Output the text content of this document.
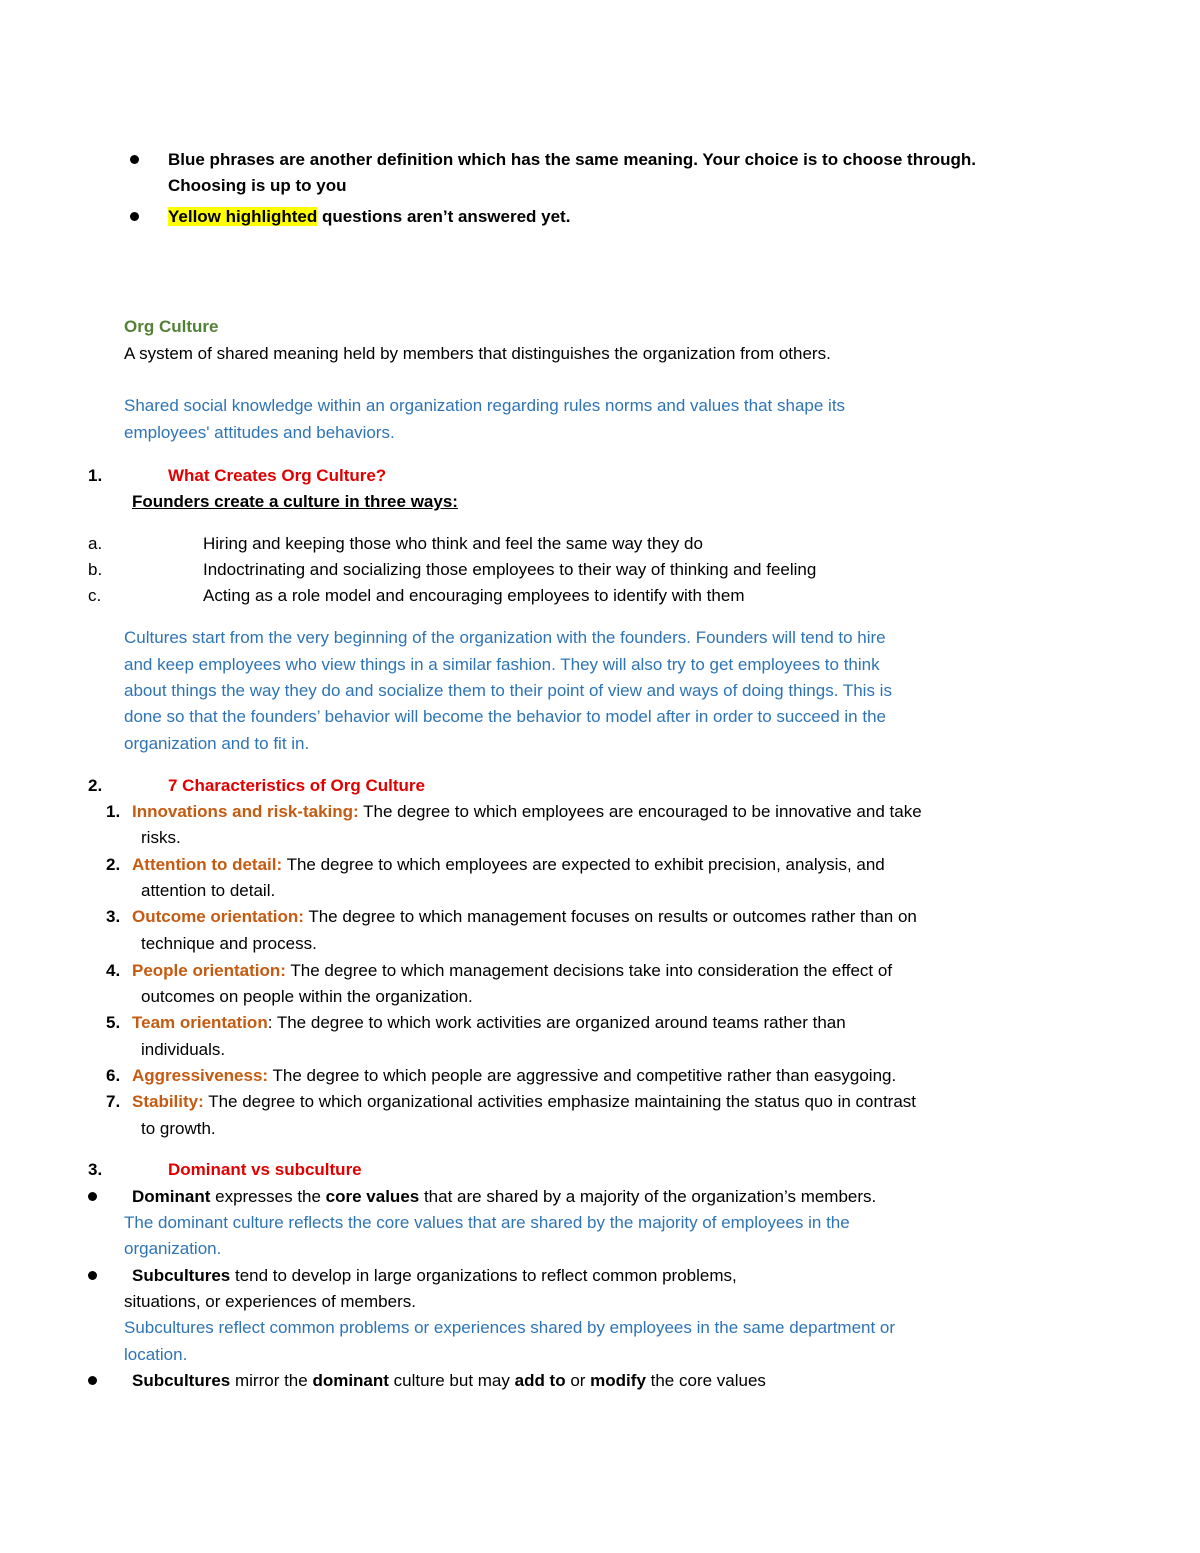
Blue phrases are another definition which has the same meaning. Your choice is to choose through.
Choosing is up to you
Yellow highlighted questions aren’t answered yet.
Org Culture
A system of shared meaning held by members that distinguishes the organization from others.
Shared social knowledge within an organization regarding rules norms and values that shape its
employees' attitudes and behaviors.
1.	What Creates Org Culture?
Founders create a culture in three ways:
a.	Hiring and keeping those who think and feel the same way they do
b.	Indoctrinating and socializing those employees to their way of thinking and feeling
c.	Acting as a role model and encouraging employees to identify with them
Cultures start from the very beginning of the organization with the founders. Founders will tend to hire
and keep employees who view things in a similar fashion. They will also try to get employees to think
about things the way they do and socialize them to their point of view and ways of doing things. This is
done so that the founders’ behavior will become the behavior to model after in order to succeed in the
organization and to fit in.
2.	7 Characteristics of Org Culture
1. Innovations and risk-taking: The degree to which employees are encouraged to be innovative and take
risks.
2. Attention to detail: The degree to which employees are expected to exhibit precision, analysis, and
attention to detail.
3. Outcome orientation: The degree to which management focuses on results or outcomes rather than on
technique and process.
4. People orientation: The degree to which management decisions take into consideration the effect of
outcomes on people within the organization.
5. Team orientation: The degree to which work activities are organized around teams rather than
individuals.
6. Aggressiveness: The degree to which people are aggressive and competitive rather than easygoing.
7. Stability: The degree to which organizational activities emphasize maintaining the status quo in contrast
to growth.
3.	Dominant vs subculture
Dominant expresses the core values that are shared by a majority of the organization’s members.
The dominant culture reflects the core values that are shared by the majority of employees in the
organization.
Subcultures tend to develop in large organizations to reflect common problems,
situations, or experiences of members.
Subcultures reflect common problems or experiences shared by employees in the same department or
location.
Subcultures mirror the dominant culture but may add to or modify the core values
